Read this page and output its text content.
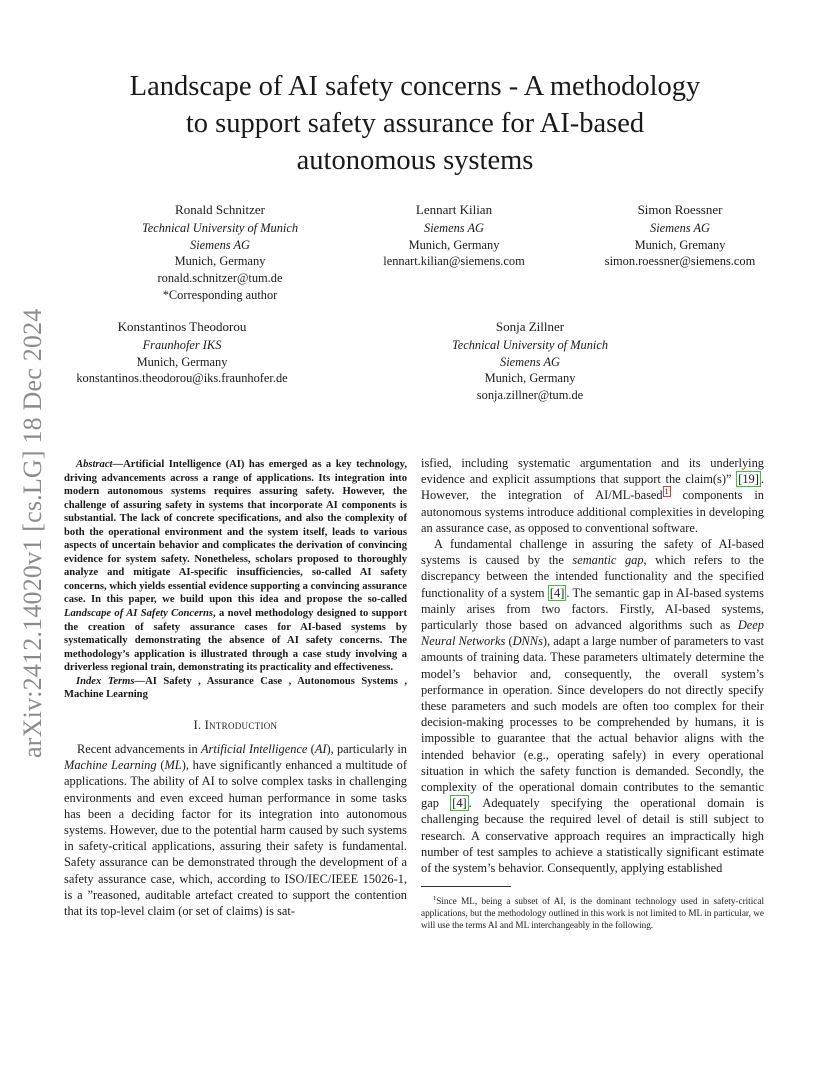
arXiv:2412.14020v1 [cs.LG] 18 Dec 2024
Landscape of AI safety concerns - A methodology
to support safety assurance for AI-based
autonomous systems
Ronald Schnitzer
Technical University of Munich
Siemens AG
Munich, Germany
ronald.schnitzer@tum.de
*Corresponding author
Lennart Kilian
Siemens AG
Munich, Germany
lennart.kilian@siemens.com
Simon Roessner
Siemens AG
Munich, Gremany
simon.roessner@siemens.com
Konstantinos Theodorou
Fraunhofer IKS
Munich, Germany
konstantinos.theodorou@iks.fraunhofer.de
Sonja Zillner
Technical University of Munich
Siemens AG
Munich, Germany
sonja.zillner@tum.de
Abstract—Artificial Intelligence (AI) has emerged as a key technology, driving advancements across a range of applications. Its integration into modern autonomous systems requires assuring safety. However, the challenge of assuring safety in systems that incorporate AI components is substantial. The lack of concrete specifications, and also the complexity of both the operational environment and the system itself, leads to various aspects of uncertain behavior and complicates the derivation of convincing evidence for system safety. Nonetheless, scholars proposed to thoroughly analyze and mitigate AI-specific insufficiencies, so-called AI safety concerns, which yields essential evidence supporting a convincing assurance case. In this paper, we build upon this idea and propose the so-called Landscape of AI Safety Concerns, a novel methodology designed to support the creation of safety assurance cases for AI-based systems by systematically demonstrating the absence of AI safety concerns. The methodology’s application is illustrated through a case study involving a driverless regional train, demonstrating its practicality and effectiveness.
Index Terms—AI Safety , Assurance Case , Autonomous Systems , Machine Learning
I. Introduction

Recent advancements in Artificial Intelligence (AI), particularly in Machine Learning (ML), have significantly enhanced a multitude of applications. The ability of AI to solve complex tasks in challenging environments and even exceed human performance in some tasks has been a deciding factor for its integration into autonomous systems. However, due to the potential harm caused by such systems in safety-critical applications, assuring their safety is fundamental. Safety assurance can be demonstrated through the development of a safety assurance case, which, according to ISO/IEC/IEEE 15026-1, is a ”reasoned, auditable artefact created to support the contention that its top-level claim (or set of claims) is sat-

isfied, including systematic argumentation and its underlying evidence and explicit assumptions that support the claim(s)” [19] . However, the integration of AI/ML-based $^1$ components in autonomous systems introduce additional complexities in developing an assurance case, as opposed to conventional software.

A fundamental challenge in assuring the safety of AI-based systems is caused by the semantic gap, which refers to the discrepancy between the intended functionality and the specified functionality of a system [4] . The semantic gap in AI-based systems mainly arises from two factors. Firstly, AI-based systems, particularly those based on advanced algorithms such as Deep Neural Networks (DNNs), adapt a large number of parameters to vast amounts of training data. These parameters ultimately determine the model’s behavior and, consequently, the overall system’s performance in operation. Since developers do not directly specify these parameters and such models are often too complex for their decision-making processes to be comprehended by humans, it is impossible to guarantee that the actual behavior aligns with the intended behavior (e.g., operating safely) in every operational situation in which the safety function is demanded. Secondly, the complexity of the operational domain contributes to the semantic gap [4] . Adequately specifying the operational domain is challenging because the required level of detail is still subject to research. A conservative approach requires an impractically high number of test samples to achieve a statistically significant estimate of the system’s behavior. Consequently, applying established

$^1$Since ML, being a subset of AI, is the dominant technology used in safety-critical applications, but the methodology outlined in this work is not limited to ML in particular, we will use the terms AI and ML interchangeably in the following.
